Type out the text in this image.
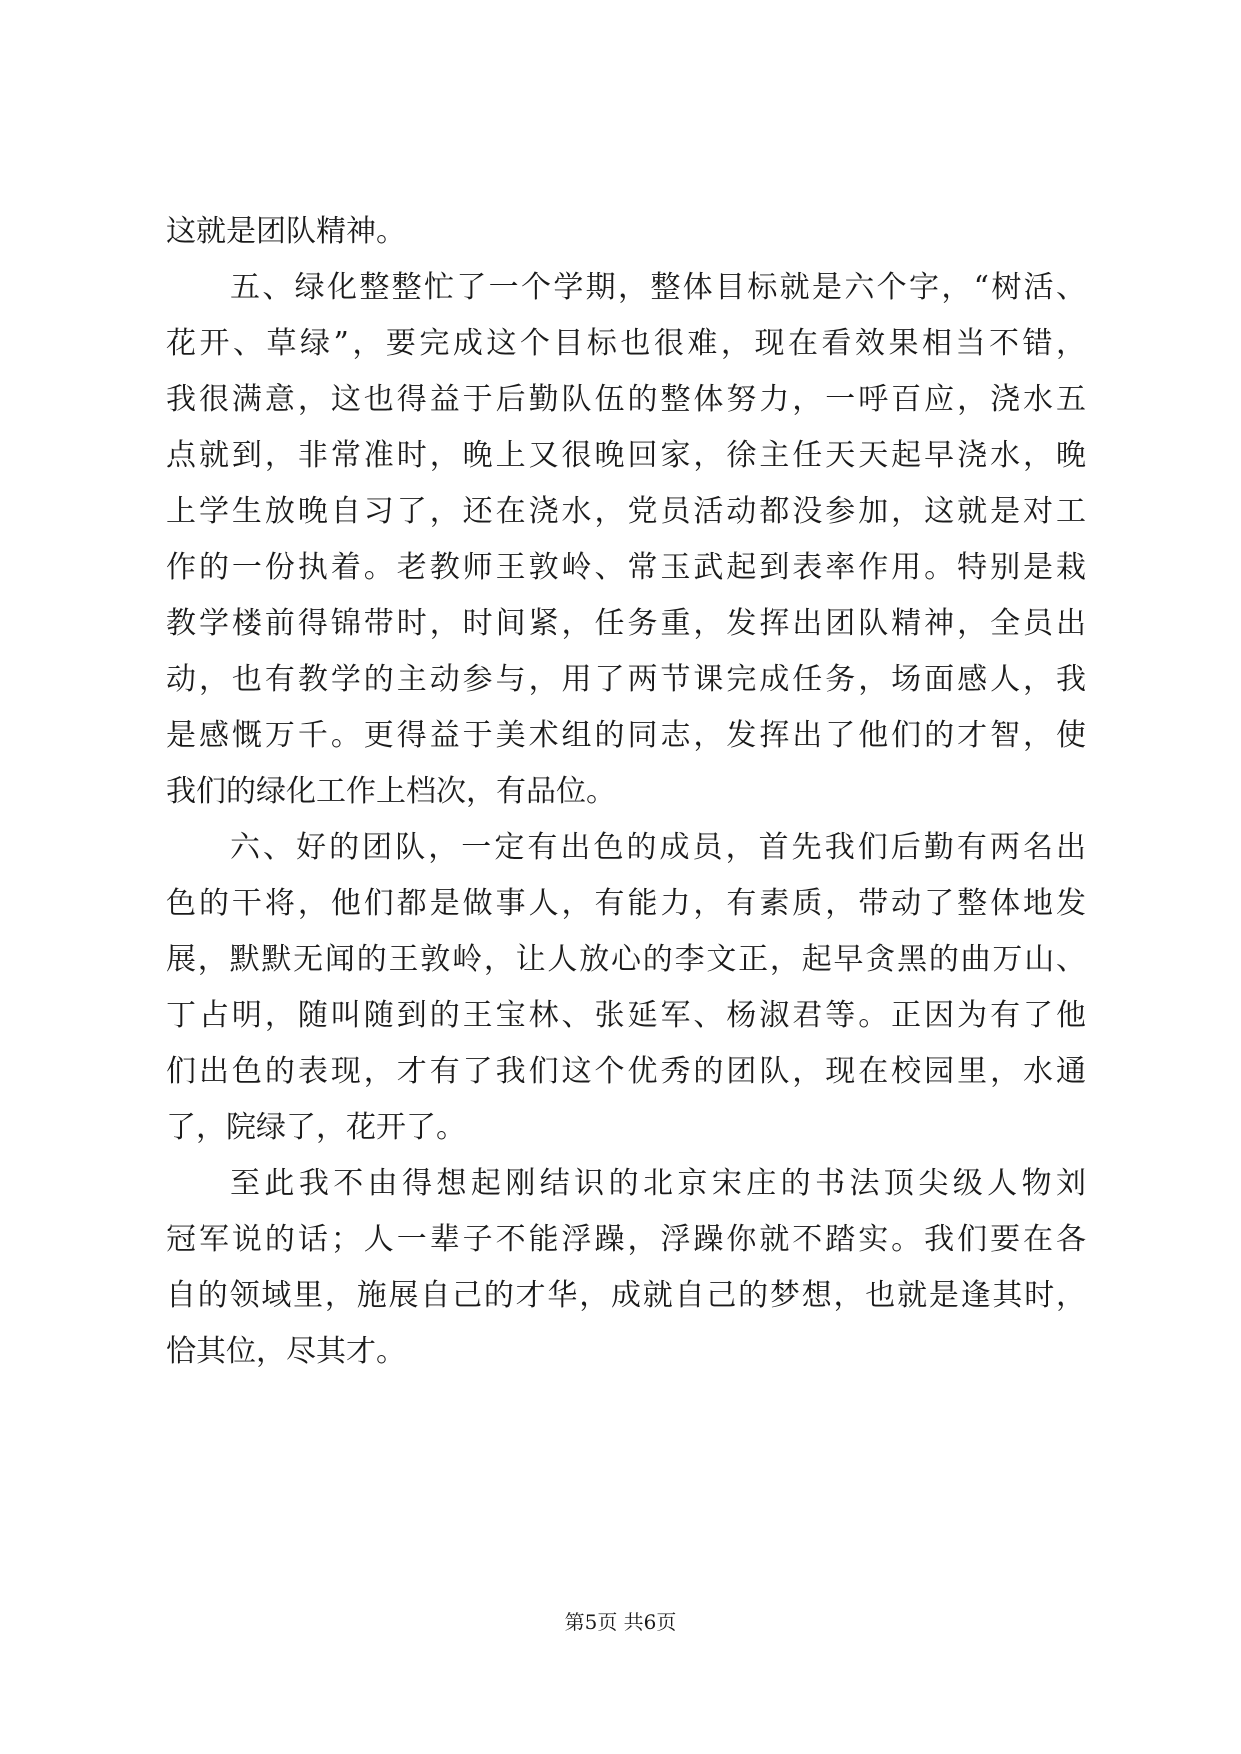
这就是团队精神。
五、绿化整整忙了一个学期，整体目标就是六个字，“树活、
花开、草绿”，要完成这个目标也很难，现在看效果相当不错，
我很满意，这也得益于后勤队伍的整体努力，一呼百应，浇水五
点就到，非常准时，晚上又很晚回家，徐主任天天起早浇水，晚
上学生放晚自习了，还在浇水，党员活动都没参加，这就是对工
作的一份执着。老教师王敦岭、常玉武起到表率作用。特别是栽
教学楼前得锦带时，时间紧，任务重，发挥出团队精神，全员出
动，也有教学的主动参与，用了两节课完成任务，场面感人，我
是感慨万千。更得益于美术组的同志，发挥出了他们的才智，使
我们的绿化工作上档次，有品位。
六、好的团队，一定有出色的成员，首先我们后勤有两名出
色的干将，他们都是做事人，有能力，有素质，带动了整体地发
展，默默无闻的王敦岭，让人放心的李文正，起早贪黑的曲万山、
丁占明，随叫随到的王宝林、张延军、杨淑君等。正因为有了他
们出色的表现，才有了我们这个优秀的团队，现在校园里，水通
了，院绿了，花开了。
至此我不由得想起刚结识的北京宋庄的书法顶尖级人物刘
冠军说的话；人一辈子不能浮躁，浮躁你就不踏实。我们要在各
自的领域里，施展自己的才华，成就自己的梦想，也就是逢其时，
恰其位，尽其才。
第5页 共6页
